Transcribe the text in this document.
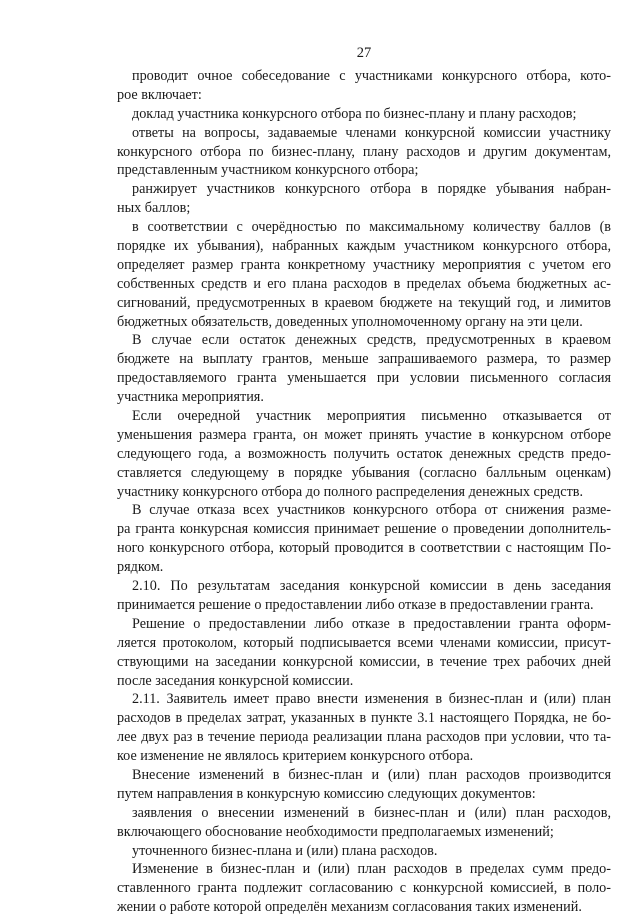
27
проводит очное собеседование с участниками конкурсного отбора, кото-
рое включает:
доклад участника конкурсного отбора по бизнес-плану и плану расходов;
ответы на вопросы, задаваемые членами конкурсной комиссии участнику
конкурсного отбора по бизнес-плану, плану расходов и другим документам,
представленным участником конкурсного отбора;
ранжирует участников конкурсного отбора в порядке убывания набран-
ных баллов;
в соответствии с очерёдностью по максимальному количеству баллов (в
порядке их убывания), набранных каждым участником конкурсного отбора,
определяет размер гранта конкретному участнику мероприятия с учетом его
собственных средств и его плана расходов в пределах объема бюджетных ас-
сигнований, предусмотренных в краевом бюджете на текущий год, и лимитов
бюджетных обязательств, доведенных уполномоченному органу на эти цели.
В случае если остаток денежных средств, предусмотренных в краевом
бюджете на выплату грантов, меньше запрашиваемого размера, то размер
предоставляемого гранта уменьшается при условии письменного согласия
участника мероприятия.
Если очередной участник мероприятия письменно отказывается от
уменьшения размера гранта, он может принять участие в конкурсном отборе
следующего года, а возможность получить остаток денежных средств предо-
ставляется следующему в порядке убывания (согласно балльным оценкам)
участнику конкурсного отбора до полного распределения денежных средств.
В случае отказа всех участников конкурсного отбора от снижения разме-
ра гранта конкурсная комиссия принимает решение о проведении дополнитель-
ного конкурсного отбора, который проводится в соответствии с настоящим По-
рядком.
2.10. По результатам заседания конкурсной комиссии в день заседания
принимается решение о предоставлении либо отказе в предоставлении гранта.
Решение о предоставлении либо отказе в предоставлении гранта оформ-
ляется протоколом, который подписывается всеми членами комиссии, присут-
ствующими на заседании конкурсной комиссии, в течение трех рабочих дней
после заседания конкурсной комиссии.
2.11. Заявитель имеет право внести изменения в бизнес-план и (или) план
расходов в пределах затрат, указанных в пункте 3.1 настоящего Порядка, не бо-
лее двух раз в течение периода реализации плана расходов при условии, что та-
кое изменение не являлось критерием конкурсного отбора.
Внесение изменений в бизнес-план и (или) план расходов производится
путем направления в конкурсную комиссию следующих документов:
заявления о внесении изменений в бизнес-план и (или) план расходов,
включающего обоснование необходимости предполагаемых изменений;
уточненного бизнес-плана и (или) плана расходов.
Изменение в бизнес-план и (или) план расходов в пределах сумм предо-
ставленного гранта подлежит согласованию с конкурсной комиссией, в поло-
жении о работе которой определён механизм согласования таких изменений.
